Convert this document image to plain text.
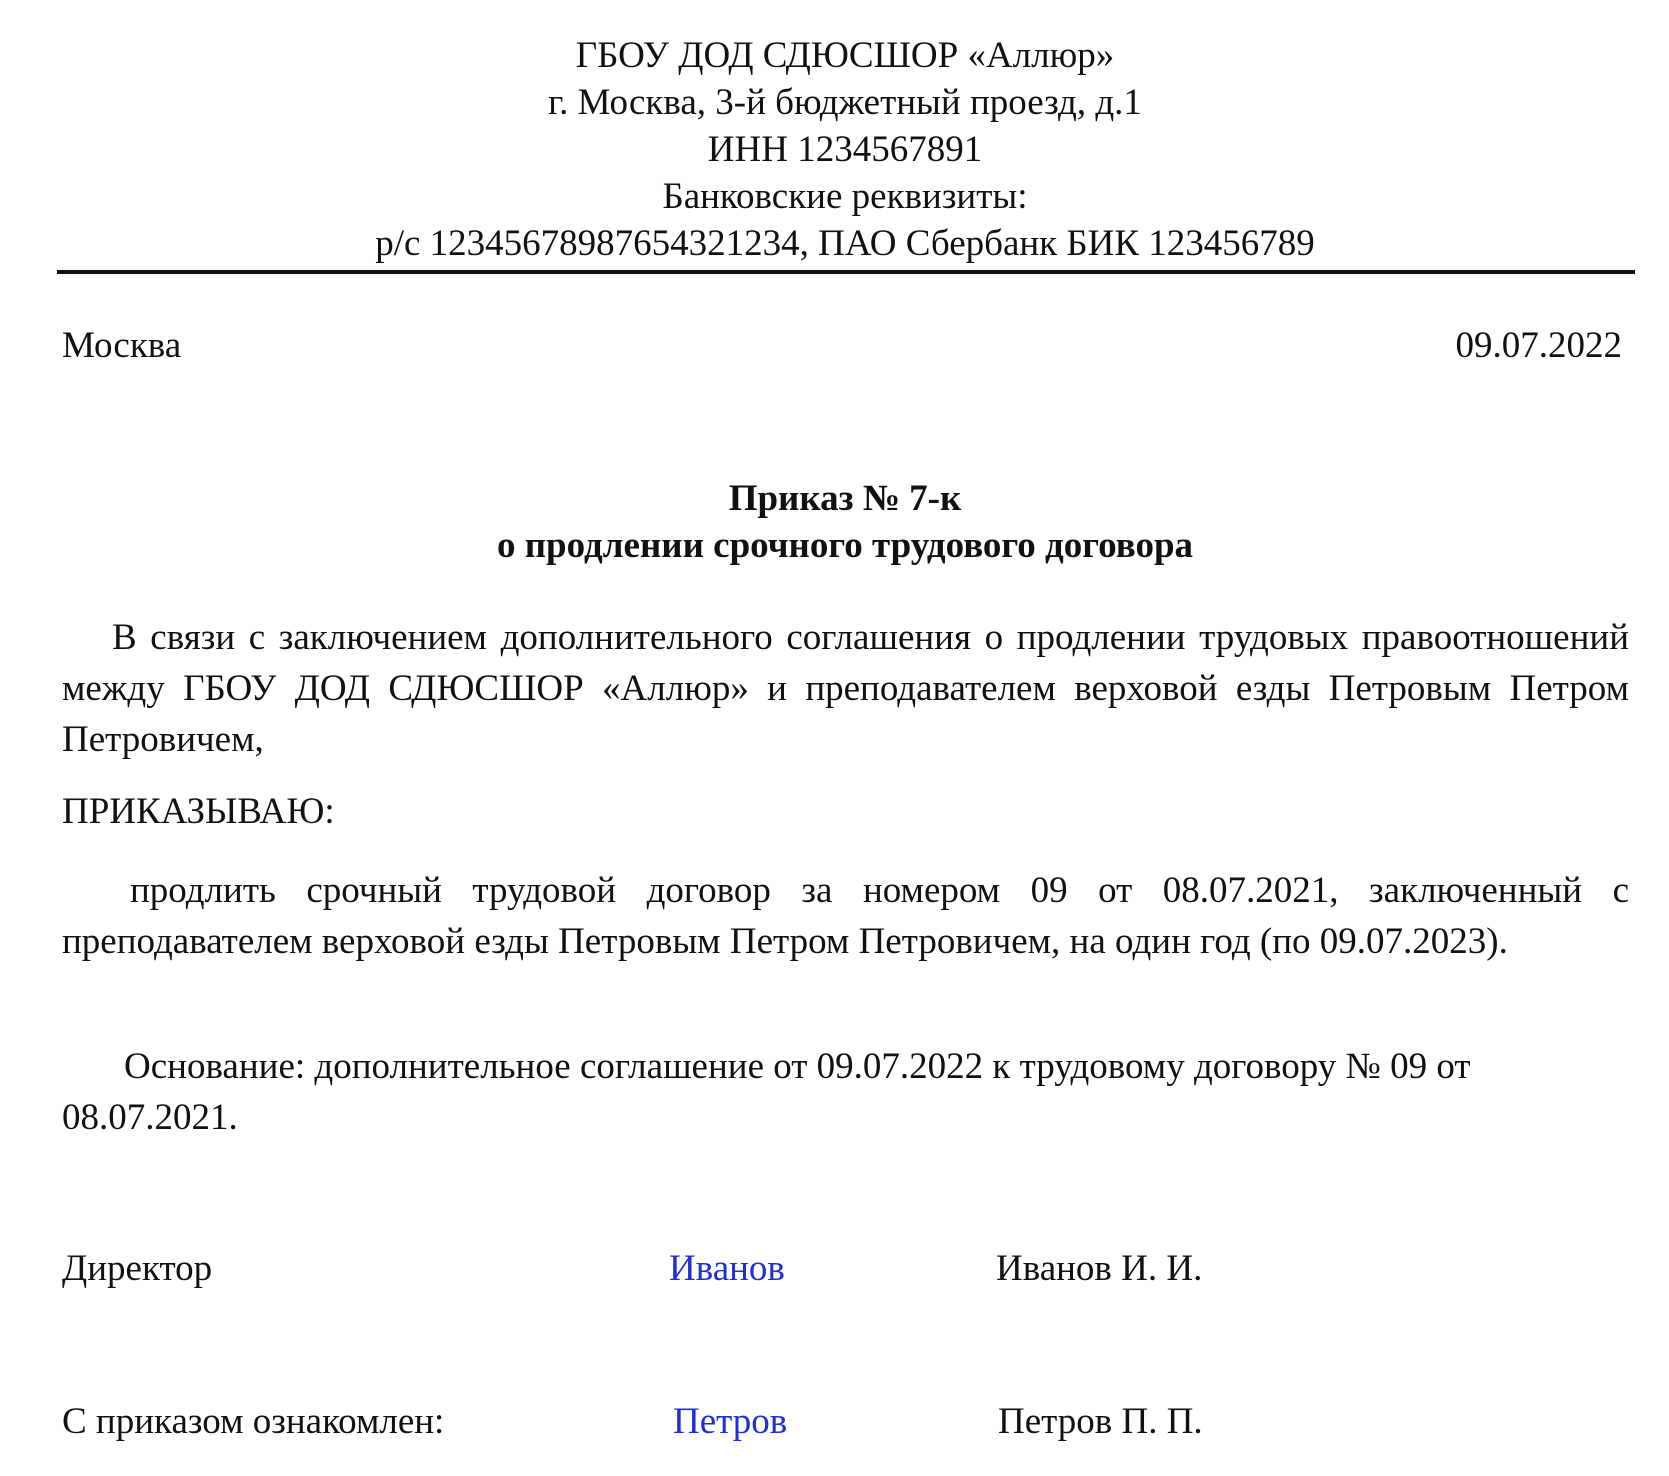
ГБОУ ДОД СДЮСШОР «Аллюр»
г. Москва, 3-й бюджетный проезд, д.1
ИНН 1234567891
Банковские реквизиты:
р/с 12345678987654321234, ПАО Сбербанк БИК 123456789
Москва	09.07.2022
Приказ № 7-к
о продлении срочного трудового договора
В связи с заключением дополнительного соглашения о продлении трудовых правоотношений между ГБОУ ДОД СДЮСШОР «Аллюр» и преподавателем верховой езды Петровым Петром Петровичем,
ПРИКАЗЫВАЮ:
продлить срочный трудовой договор за номером 09 от 08.07.2021, заключенный с преподавателем верховой езды Петровым Петром Петровичем, на один год (по 09.07.2023).
Основание: дополнительное соглашение от 09.07.2022 к трудовому договору № 09 от 08.07.2021.
Директор	Иванов	Иванов И. И.
С приказом ознакомлен:	Петров	Петров П. П.
